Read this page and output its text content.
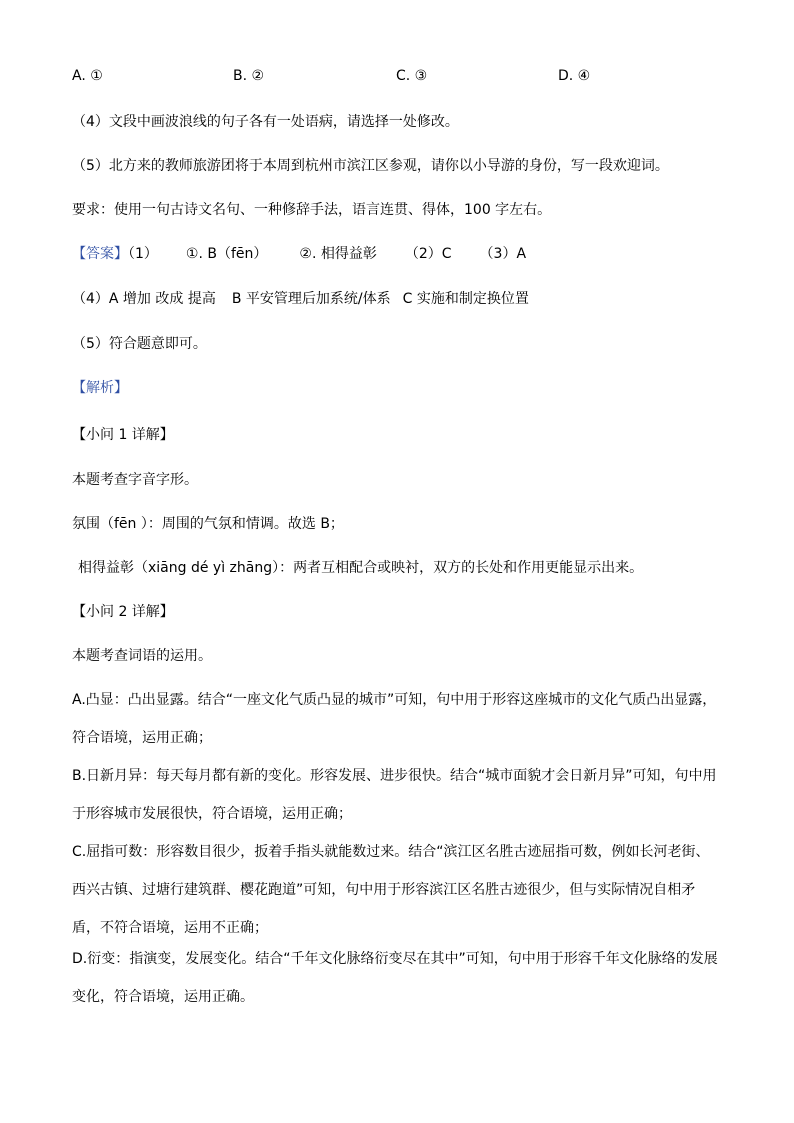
A. ①	B. ②	C. ③	D. ④
（4）文段中画波浪线的句子各有一处语病，请选择一处修改。
（5）北方来的教师旅游团将于本周到杭州市滨江区参观，请你以小导游的身份，写一段欢迎词。
要求：使用一句古诗文名句、一种修辞手法，语言连贯、得体，100 字左右。
【答案】（1） ①. B（fēn） ②. 相得益彰 （2）C （3）A
（4）A 增加 改成 提高 B 平安管理后加系统/体系 C 实施和制定换位置
（5）符合题意即可。
【解析】
【小问 1 详解】
本题考查字音字形。
氛围（fēn ）：周围的气氛和情调。故选 B；
相得益彰（xiāng dé yì zhāng）：两者互相配合或映衬，双方的长处和作用更能显示出来。
【小问 2 详解】
本题考查词语的运用。
A.凸显：凸出显露。结合“一座文化气质凸显的城市”可知，句中用于形容这座城市的文化气质凸出显露，符合语境，运用正确；
B.日新月异：每天每月都有新的变化。形容发展、进步很快。结合“城市面貌才会日新月异”可知，句中用于形容城市发展很快，符合语境，运用正确；
C.屈指可数：形容数目很少，扳着手指头就能数过来。结合“滨江区名胜古迹屈指可数，例如长河老街、西兴古镇、过塘行建筑群、樱花跑道”可知，句中用于形容滨江区名胜古迹很少，但与实际情况自相矛盾，不符合语境，运用不正确；
D.衍变：指演变，发展变化。结合“千年文化脉络衍变尽在其中”可知，句中用于形容千年文化脉络的发展变化，符合语境，运用正确。
